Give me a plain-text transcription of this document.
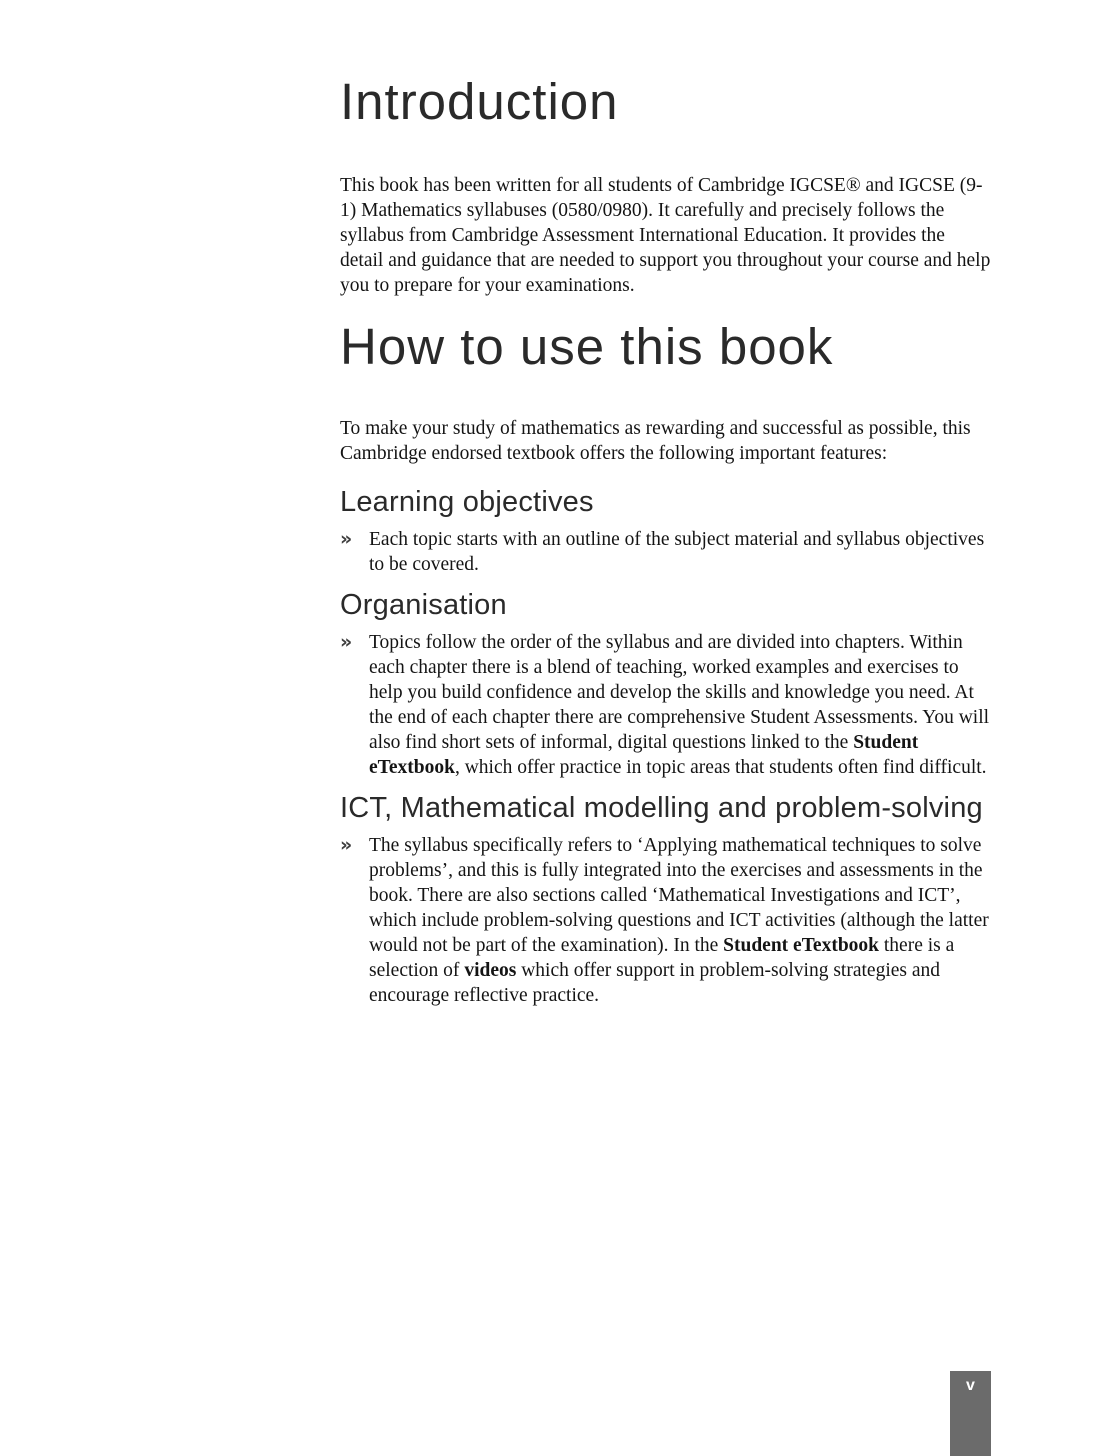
Introduction

This book has been written for all students of Cambridge IGCSE® and IGCSE (9-1) Mathematics syllabuses (0580/0980). It carefully and precisely follows the syllabus from Cambridge Assessment International Education. It provides the detail and guidance that are needed to support you throughout your course and help you to prepare for your examinations.

How to use this book

To make your study of mathematics as rewarding and successful as possible, this Cambridge endorsed textbook offers the following important features:

Learning objectives
» Each topic starts with an outline of the subject material and syllabus objectives to be covered.
Organisation
» Topics follow the order of the syllabus and are divided into chapters. Within each chapter there is a blend of teaching, worked examples and exercises to help you build confidence and develop the skills and knowledge you need. At the end of each chapter there are comprehensive Student Assessments. You will also find short sets of informal, digital questions linked to the Student eTextbook, which offer practice in topic areas that students often find difficult.
ICT, Mathematical modelling and problem-solving
» The syllabus specifically refers to ‘Applying mathematical techniques to solve problems’, and this is fully integrated into the exercises and assessments in the book. There are also sections called ‘Mathematical Investigations and ICT’, which include problem-solving questions and ICT activities (although the latter would not be part of the examination). In the Student eTextbook there is a selection of videos which offer support in problem-solving strategies and encourage reflective practice.
v
